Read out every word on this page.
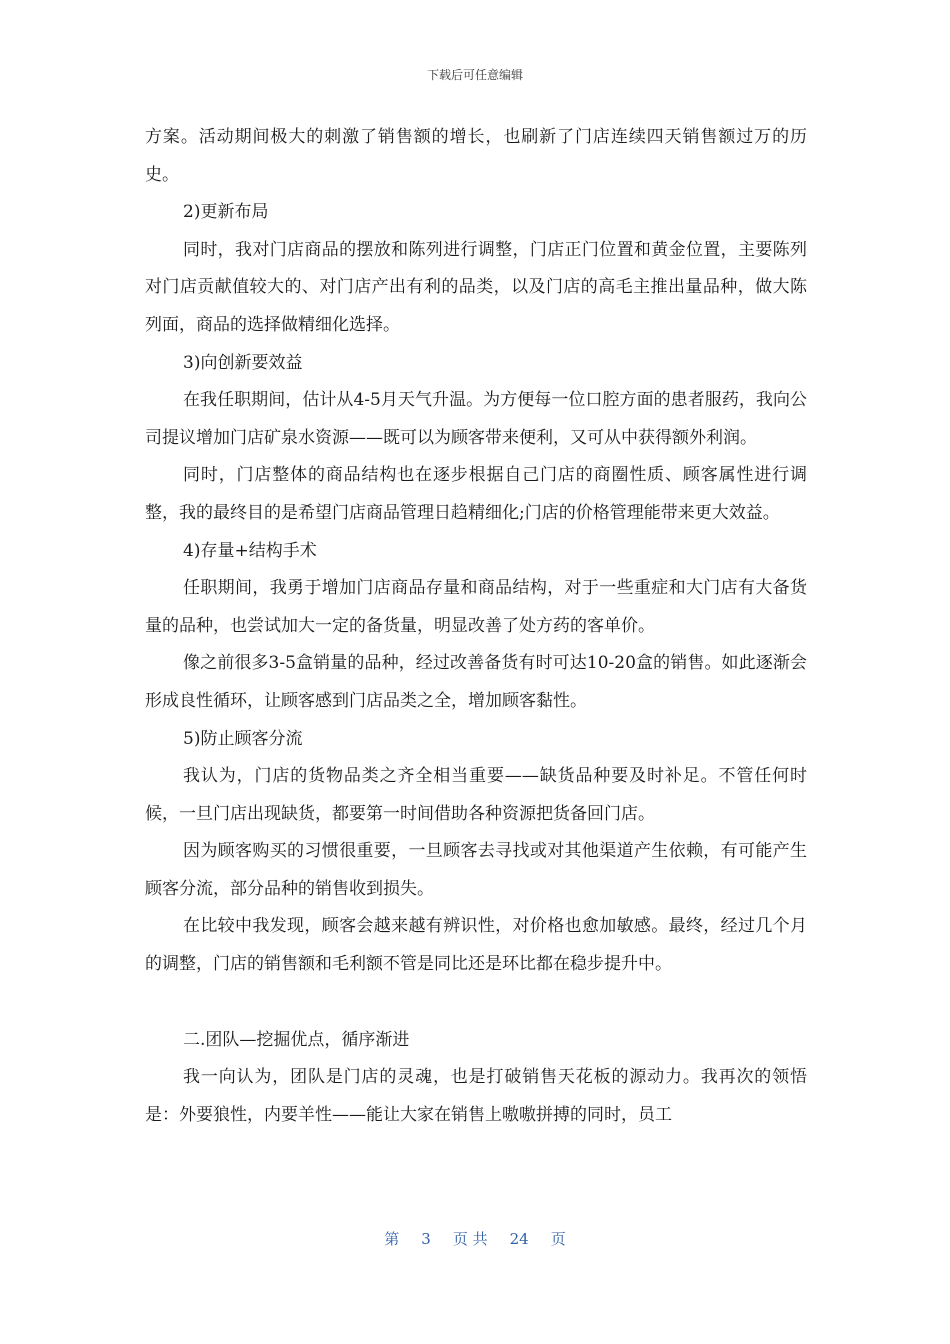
下载后可任意编辑

方案。活动期间极大的刺激了销售额的增长，也刷新了门店连续四天销售额过万的历史。

2)更新布局

同时，我对门店商品的摆放和陈列进行调整，门店正门位置和黄金位置，主要陈列对门店贡献值较大的、对门店产出有利的品类，以及门店的高毛主推出量品种，做大陈列面，商品的选择做精细化选择。

3)向创新要效益

在我任职期间，估计从4-5月天气升温。为方便每一位口腔方面的患者服药，我向公司提议增加门店矿泉水资源——既可以为顾客带来便利，又可从中获得额外利润。

同时，门店整体的商品结构也在逐步根据自己门店的商圈性质、顾客属性进行调整，我的最终目的是希望门店商品管理日趋精细化;门店的价格管理能带来更大效益。

4)存量+结构手术

任职期间，我勇于增加门店商品存量和商品结构，对于一些重症和大门店有大备货量的品种，也尝试加大一定的备货量，明显改善了处方药的客单价。

像之前很多3-5盒销量的品种，经过改善备货有时可达10-20盒的销售。如此逐渐会形成良性循环，让顾客感到门店品类之全，增加顾客黏性。

5)防止顾客分流

我认为，门店的货物品类之齐全相当重要——缺货品种要及时补足。不管任何时候，一旦门店出现缺货，都要第一时间借助各种资源把货备回门店。

因为顾客购买的习惯很重要，一旦顾客去寻找或对其他渠道产生依赖，有可能产生顾客分流，部分品种的销售收到损失。

在比较中我发现，顾客会越来越有辨识性，对价格也愈加敏感。最终，经过几个月的调整，门店的销售额和毛利额不管是同比还是环比都在稳步提升中。

二.团队—挖掘优点，循序渐进

我一向认为，团队是门店的灵魂，也是打破销售天花板的源动力。我再次的领悟是：外要狼性，内要羊性——能让大家在销售上嗷嗷拼搏的同时，员工

第 3 页 共 24 页
